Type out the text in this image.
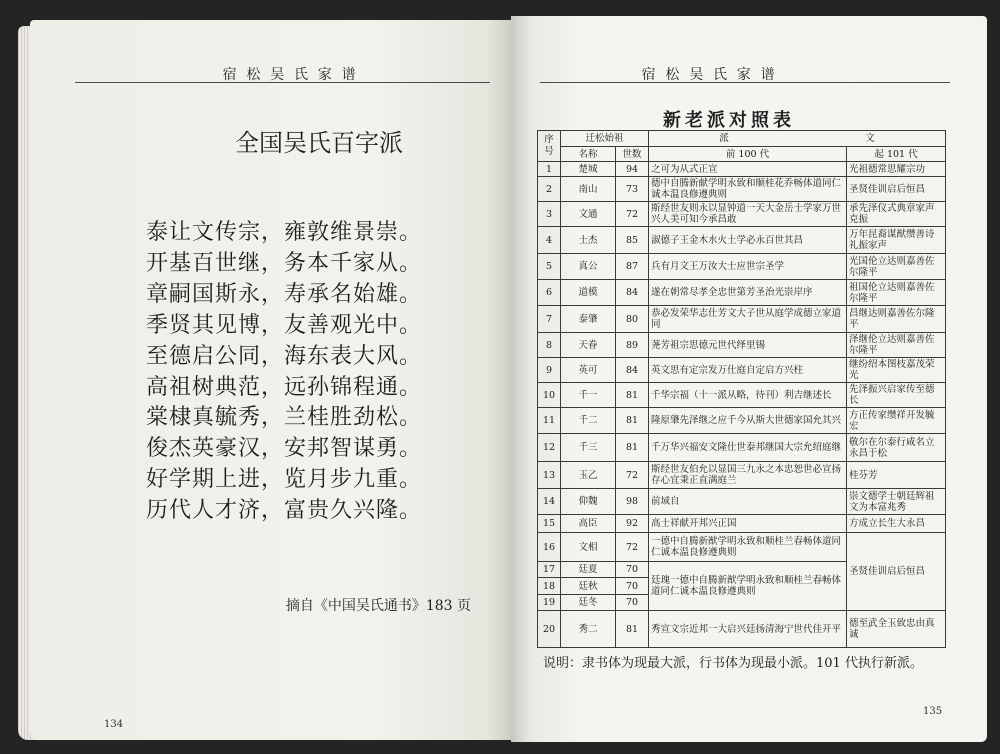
宿松吴氏家谱
全国吴氏百字派
泰让文传宗，雍敦维景崇。
开基百世继，务本千家从。
章嗣国斯永，寿承名始雄。
季贤其见博，友善观光中。
至德启公同，海东表大风。
高祖树典范，远孙锦程通。
棠棣真毓秀，兰桂胜劲松。
俊杰英豪汉，安邦智谋勇。
好学期上进，览月步九重。
历代人才济，富贵久兴隆。
摘自《中国吴氏通书》183 页
134
宿松吴氏家谱
新老派对照表
序号	迁松始祖		派 文	

	名称	世数	前 100 代	起 101 代
1	楚城	94	之可为从式正宣	光祖德常思耀宗功
2	南山	73	德中自腾新献学明永致和顺桂花乔畅体道同仁诚本温良修遵典则	圣贤佳训启后恒昌
3	文通	72	斯经世友则永以显钟道一天大金岳士学家万世兴人美可知今承昌敢	承先泽仪式典章家声克振
4	士杰	85	淑德子王金木水火土学必永百世其昌	万年昆裔谋猷缵善诗礼振家声
5	真公	87	兵有月文王万汝大士应世宗圣学	光国伦立达则嘉善佐尔隆平
6	道模	84	遂在朝常尽孝全忠世第芳圣治光崇岸序	祖国伦立达则嘉善佐尔隆平
7	泰肇	80	恭必发荣华志仕芳文大子世从庭学成德立家道同	昌继达则嘉善佐尔隆平
8	天眷	89	荛芳祖宗思德元世代绎里锡	泽继伦立达则嘉善佐尔隆平
9	英可	84	英文思有定宗发万仕庭自定启方兴柱	继纷绍本图枝嘉茂荣光
10	千一	81	千华宗福（十一派从略，待刊）利吉继述长	先泽振兴启家传至德长
11	千二	81	隆原肇先泽继之应千今从斯大世德家国允其兴	方正传家缵祥开发毓宏
12	千三	81	千万华兴福安文隆仕世泰邦继国大宗允绍庭继	敬尔在尔泰行咸名立永昌于松
13	玉乙	72	斯经世友伯允以显国三九永之本忠恕世必宣扬存心宜秉正直满庭兰	桂芬芳
14	仰魏	98	前域自	崇文德学士朝廷辉祖文为本富兆秀
15	高臣	92	高士祥献开邦兴正国	方成立长生大永昌
16	文相	72	一德中自腾新猷学明永致和顺桂兰春畅体道同仁诚本温良修遵典则	圣贤佳训启后恒昌
17	廷夏	70	廷瑰一德中自腾新猷学明永致和顺桂兰春畅体道同仁诚本温良修遵典则	
18	廷秋	70		
19	廷冬	70		
20	秀二	81	秀宣文宗近邦一大启兴廷扬清海宁世代佳开平	德至武全玉致忠由真诚
说明：隶书体为现最大派，行书体为现最小派。101 代执行新派。
135
